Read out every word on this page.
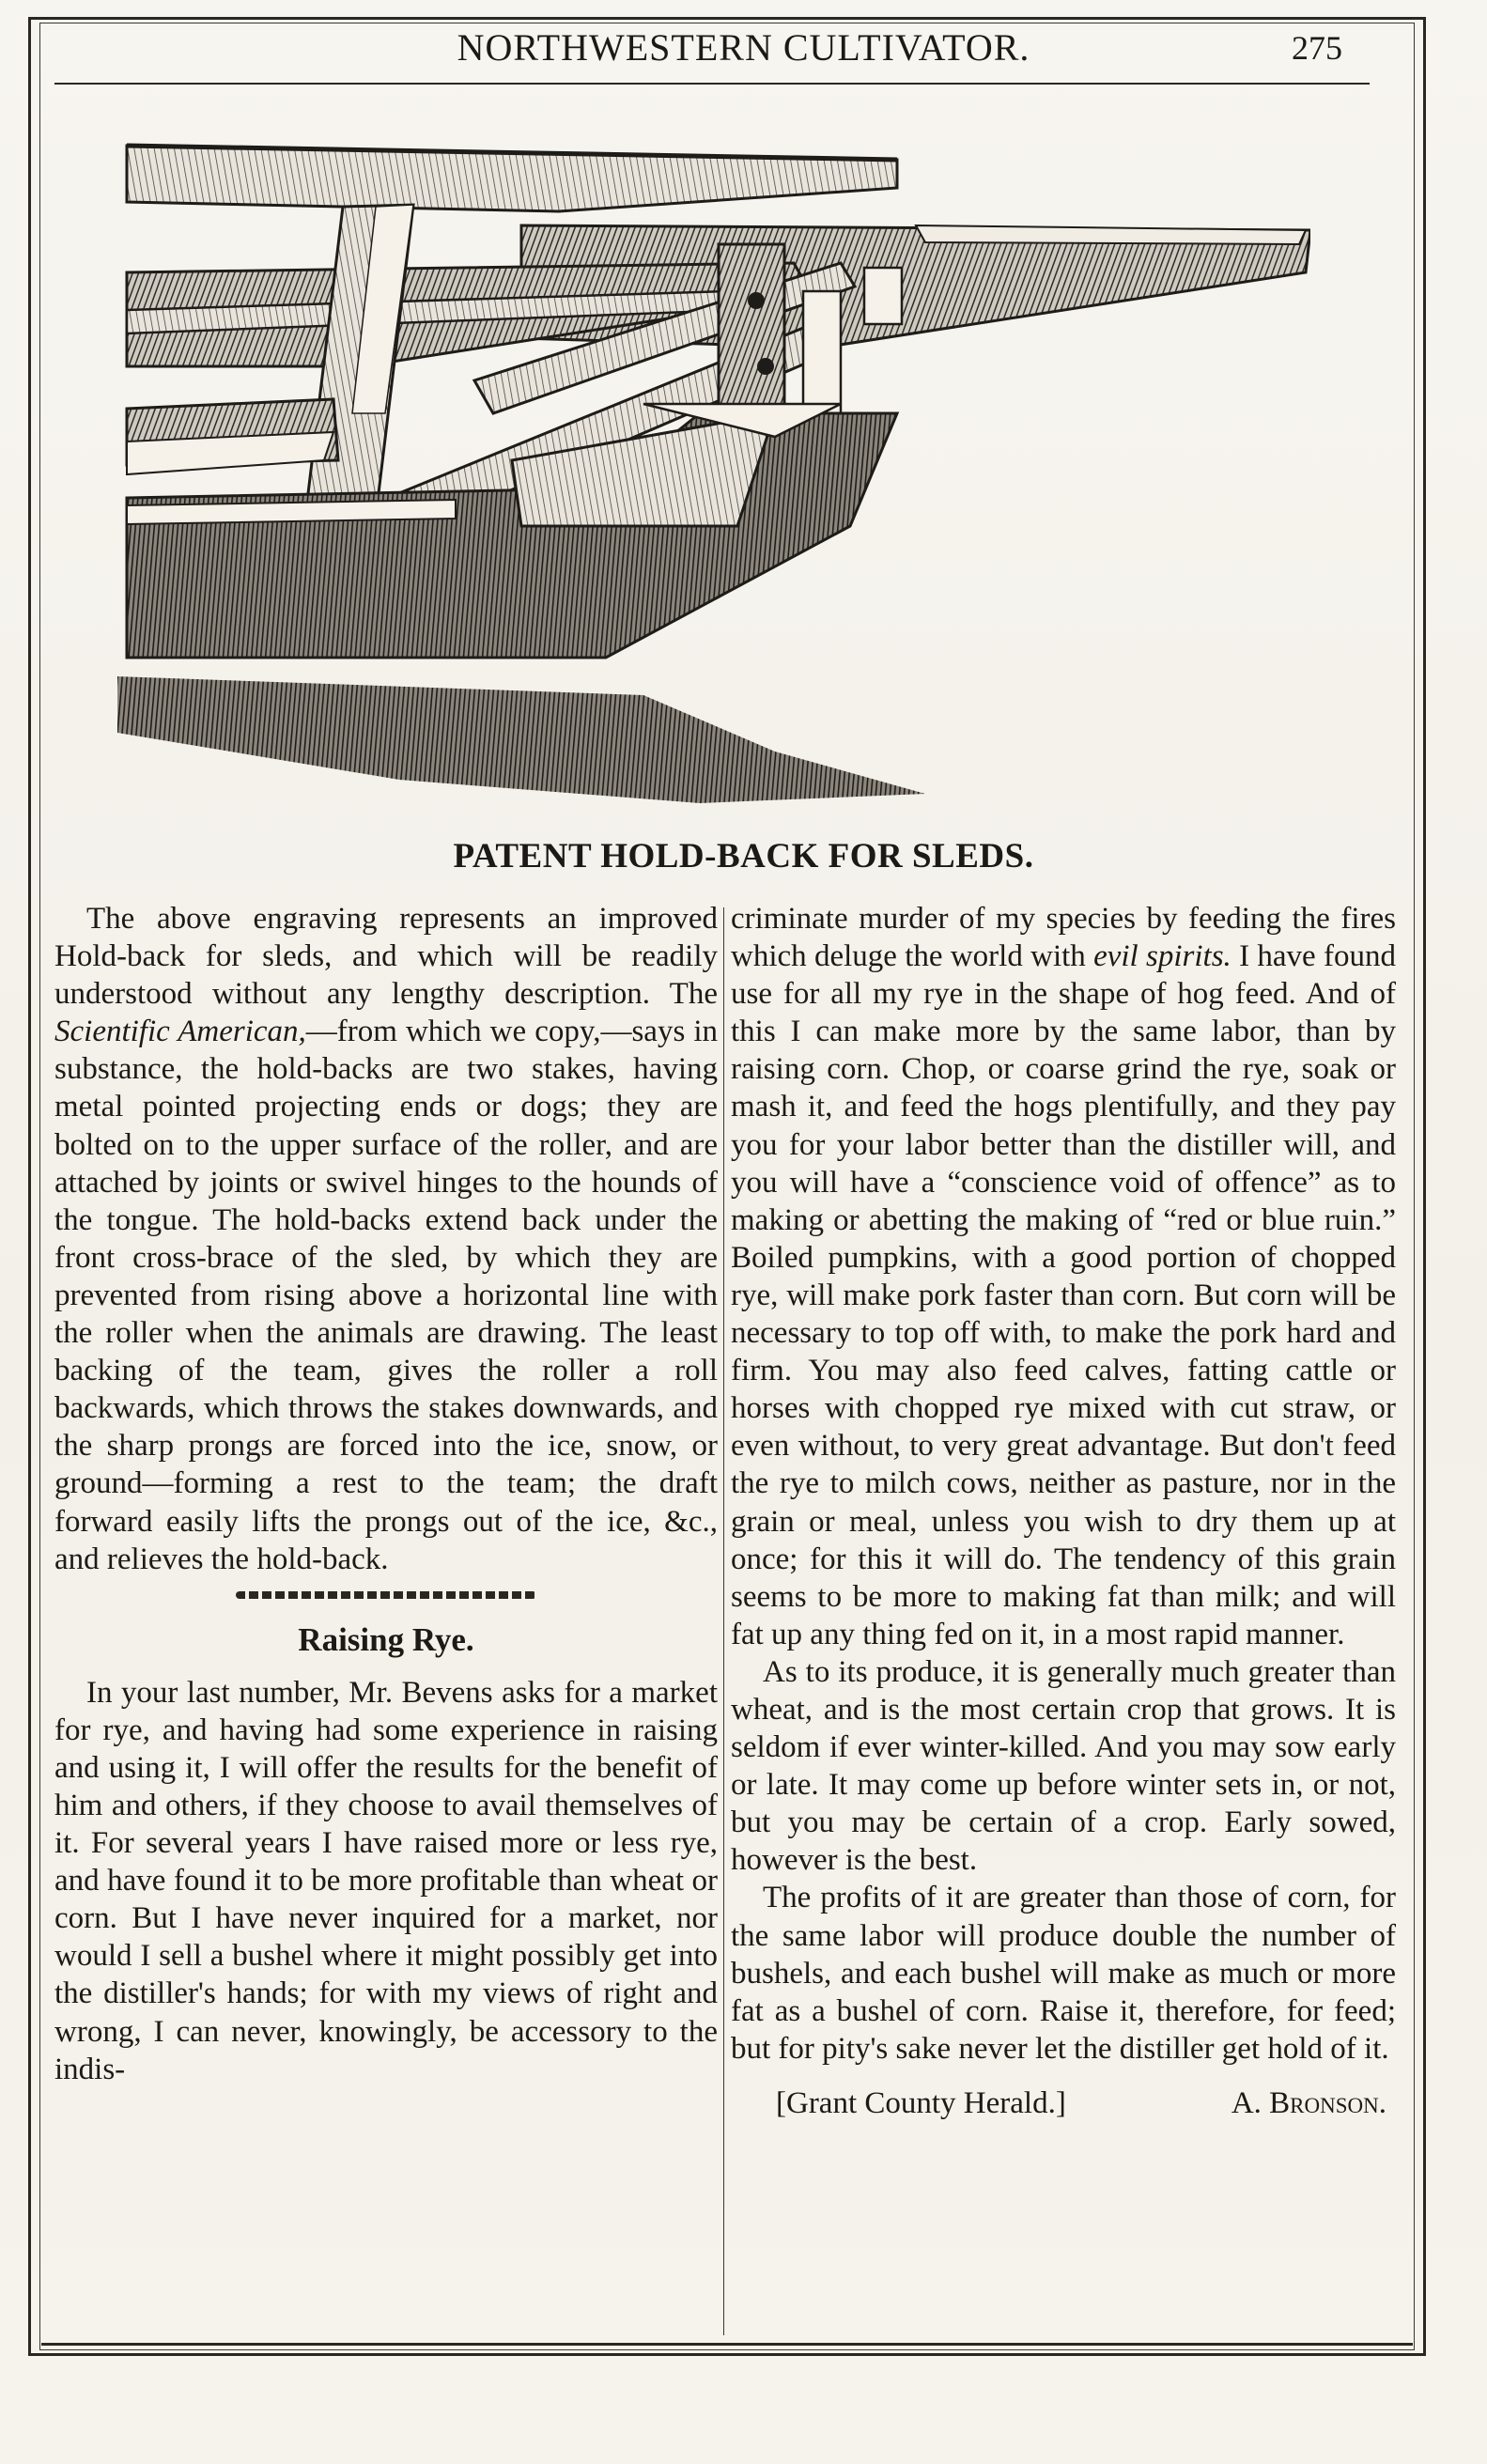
NORTHWESTERN CULTIVATOR.	275
PATENT HOLD-BACK FOR SLEDS.

The above engraving represents an improved Hold-back for sleds, and which will be readily understood without any lengthy description. The Scientific American,—from which we copy,—says in substance, the hold-backs are two stakes, having metal pointed projecting ends or dogs; they are bolted on to the upper surface of the roller, and are attached by joints or swivel hinges to the hounds of the tongue. The hold-backs extend back under the front cross-brace of the sled, by which they are prevented from rising above a horizontal line with the roller when the animals are drawing. The least backing of the team, gives the roller a roll backwards, which throws the stakes downwards, and the sharp prongs are forced into the ice, snow, or ground—forming a rest to the team; the draft forward easily lifts the prongs out of the ice, &c., and relieves the hold-back.

Raising Rye.

In your last number, Mr. Bevens asks for a market for rye, and having had some experience in raising and using it, I will offer the results for the benefit of him and others, if they choose to avail themselves of it. For several years I have raised more or less rye, and have found it to be more profitable than wheat or corn. But I have never inquired for a market, nor would I sell a bushel where it might possibly get into the distiller's hands; for with my views of right and wrong, I can never, knowingly, be accessory to the indis-

criminate murder of my species by feeding the fires which deluge the world with evil spirits. I have found use for all my rye in the shape of hog feed. And of this I can make more by the same labor, than by raising corn. Chop, or coarse grind the rye, soak or mash it, and feed the hogs plentifully, and they pay you for your labor better than the distiller will, and you will have a “conscience void of offence” as to making or abetting the making of “red or blue ruin.” Boiled pumpkins, with a good portion of chopped rye, will make pork faster than corn. But corn will be necessary to top off with, to make the pork hard and firm. You may also feed calves, fatting cattle or horses with chopped rye mixed with cut straw, or even without, to very great advantage. But don't feed the rye to milch cows, neither as pasture, nor in the grain or meal, unless you wish to dry them up at once; for this it will do. The tendency of this grain seems to be more to making fat than milk; and will fat up any thing fed on it, in a most rapid manner.

As to its produce, it is generally much greater than wheat, and is the most certain crop that grows. It is seldom if ever winter-killed. And you may sow early or late. It may come up before winter sets in, or not, but you may be certain of a crop. Early sowed, however is the best.

The profits of it are greater than those of corn, for the same labor will produce double the number of bushels, and each bushel will make as much or more fat as a bushel of corn. Raise it, therefore, for feed; but for pity's sake never let the distiller get hold of it.

[Grant County Herald.]	A. Bronson.
